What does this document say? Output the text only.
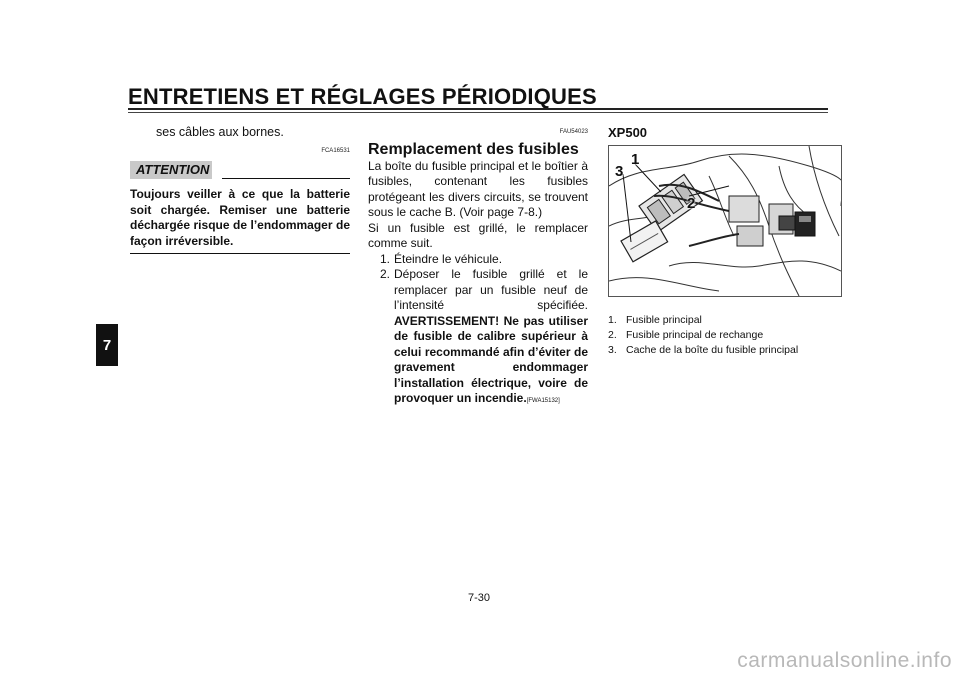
ENTRETIENS ET RÉGLAGES PÉRIODIQUES
7
ses câbles aux bornes.
FCA16531
ATTENTION
Toujours veiller à ce que la batterie soit chargée. Remiser une batterie déchargée risque de l’endommager de façon irréversible.
FAU54023
Remplacement des fusibles
La boîte du fusible principal et le boîtier à fusibles, contenant les fusibles protégeant les divers circuits, se trouvent sous le cache B. (Voir page 7-8.)
Si un fusible est grillé, le remplacer comme suit.
1. Éteindre le véhicule.
2. Déposer le fusible grillé et le remplacer par un fusible neuf de l’intensité spécifiée. AVERTISSEMENT! Ne pas utiliser de fusible de calibre supérieur à celui recommandé afin d’éviter de gravement endommager l’installation électrique, voire de provoquer un incendie.[FWA15132]
XP500
1
3
2
1. Fusible principal
2. Fusible principal de rechange
3. Cache de la boîte du fusible principal
7-30
carmanualsonline.info
